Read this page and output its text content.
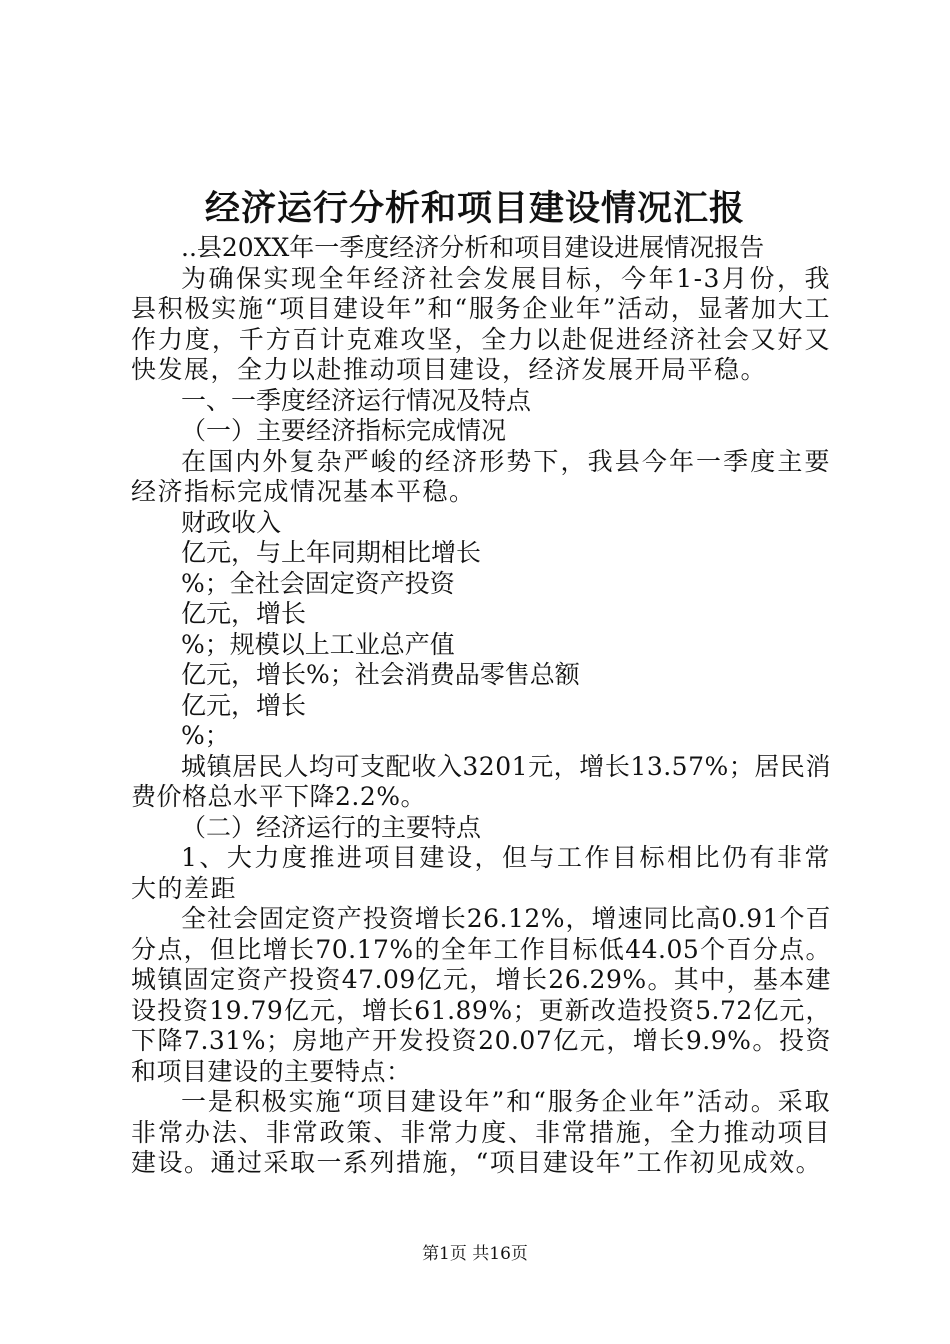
经济运行分析和项目建设情况汇报

..县20XX年一季度经济分析和项目建设进展情况报告

为确保实现全年经济社会发展目标，今年1-3月份，我县积极实施“项目建设年”和“服务企业年”活动，显著加大工作力度，千方百计克难攻坚，全力以赴促进经济社会又好又快发展，全力以赴推动项目建设，经济发展开局平稳。

一、一季度经济运行情况及特点

（一）主要经济指标完成情况

在国内外复杂严峻的经济形势下，我县今年一季度主要经济指标完成情况基本平稳。

财政收入

亿元，与上年同期相比增长

%；全社会固定资产投资

亿元，增长

%；规模以上工业总产值

亿元，增长%；社会消费品零售总额

亿元，增长

%；

城镇居民人均可支配收入3201元，增长13.57%；居民消费价格总水平下降2.2%。

（二）经济运行的主要特点

1、大力度推进项目建设，但与工作目标相比仍有非常大的差距

全社会固定资产投资增长26.12%，增速同比高0.91个百分点，但比增长70.17%的全年工作目标低44.05个百分点。城镇固定资产投资47.09亿元，增长26.29%。其中，基本建设投资19.79亿元，增长61.89%；更新改造投资5.72亿元，下降7.31%；房地产开发投资20.07亿元，增长9.9%。投资和项目建设的主要特点：

一是积极实施“项目建设年”和“服务企业年”活动。采取非常办法、非常政策、非常力度、非常措施，全力推动项目建设。通过采取一系列措施，“项目建设年”工作初见成效。

第1页 共16页
